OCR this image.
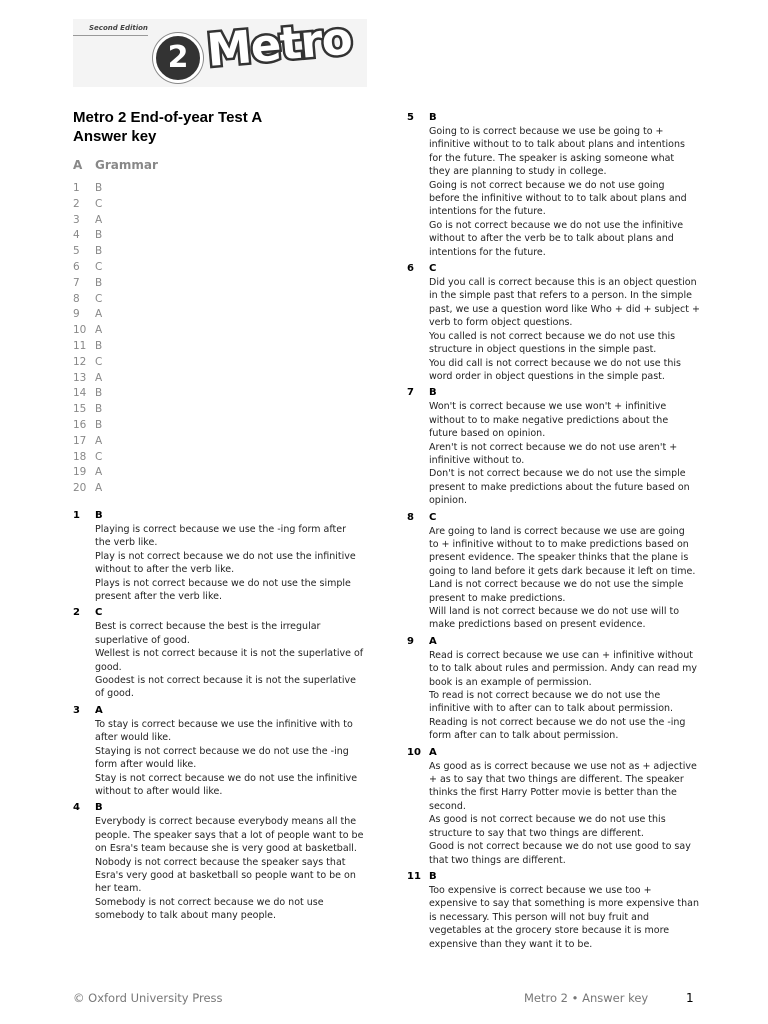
Second Edition
2 Metro
Metro 2 End-of-year Test A
Answer key
A Grammar
1 B
2 C
3 A
4 B
5 B
6 C
7 B
8 C
9 A
10 A
11 B
12 C
13 A
14 B
15 B
16 B
17 A
18 C
19 A
20 A
1 B
Playing is correct because we use the -ing form after
the verb like.
Play is not correct because we do not use the infinitive
without to after the verb like.
Plays is not correct because we do not use the simple
present after the verb like.
2 C
Best is correct because the best is the irregular
superlative of good.
Wellest is not correct because it is not the superlative of
good.
Goodest is not correct because it is not the superlative
of good.
3 A
To stay is correct because we use the infinitive with to
after would like.
Staying is not correct because we do not use the -ing
form after would like.
Stay is not correct because we do not use the infinitive
without to after would like.
4 B
Everybody is correct because everybody means all the
people. The speaker says that a lot of people want to be
on Esra's team because she is very good at basketball.
Nobody is not correct because the speaker says that
Esra's very good at basketball so people want to be on
her team.
Somebody is not correct because we do not use
somebody to talk about many people.
5 B
Going to is correct because we use be going to +
infinitive without to to talk about plans and intentions
for the future. The speaker is asking someone what
they are planning to study in college.
Going is not correct because we do not use going
before the infinitive without to to talk about plans and
intentions for the future.
Go is not correct because we do not use the infinitive
without to after the verb be to talk about plans and
intentions for the future.
6 C
Did you call is correct because this is an object question
in the simple past that refers to a person. In the simple
past, we use a question word like Who + did + subject +
verb to form object questions.
You called is not correct because we do not use this
structure in object questions in the simple past.
You did call is not correct because we do not use this
word order in object questions in the simple past.
7 B
Won't is correct because we use won't + infinitive
without to to make negative predictions about the
future based on opinion.
Aren't is not correct because we do not use aren't +
infinitive without to.
Don't is not correct because we do not use the simple
present to make predictions about the future based on
opinion.
8 C
Are going to land is correct because we use are going
to + infinitive without to to make predictions based on
present evidence. The speaker thinks that the plane is
going to land before it gets dark because it left on time.
Land is not correct because we do not use the simple
present to make predictions.
Will land is not correct because we do not use will to
make predictions based on present evidence.
9 A
Read is correct because we use can + infinitive without
to to talk about rules and permission. Andy can read my
book is an example of permission.
To read is not correct because we do not use the
infinitive with to after can to talk about permission.
Reading is not correct because we do not use the -ing
form after can to talk about permission.
10 A
As good as is correct because we use not as + adjective
+ as to say that two things are different. The speaker
thinks the first Harry Potter movie is better than the
second.
As good is not correct because we do not use this
structure to say that two things are different.
Good is not correct because we do not use good to say
that two things are different.
11 B
Too expensive is correct because we use too +
expensive to say that something is more expensive than
is necessary. This person will not buy fruit and
vegetables at the grocery store because it is more
expensive than they want it to be.
© Oxford University Press	Metro 2 • Answer key	1
